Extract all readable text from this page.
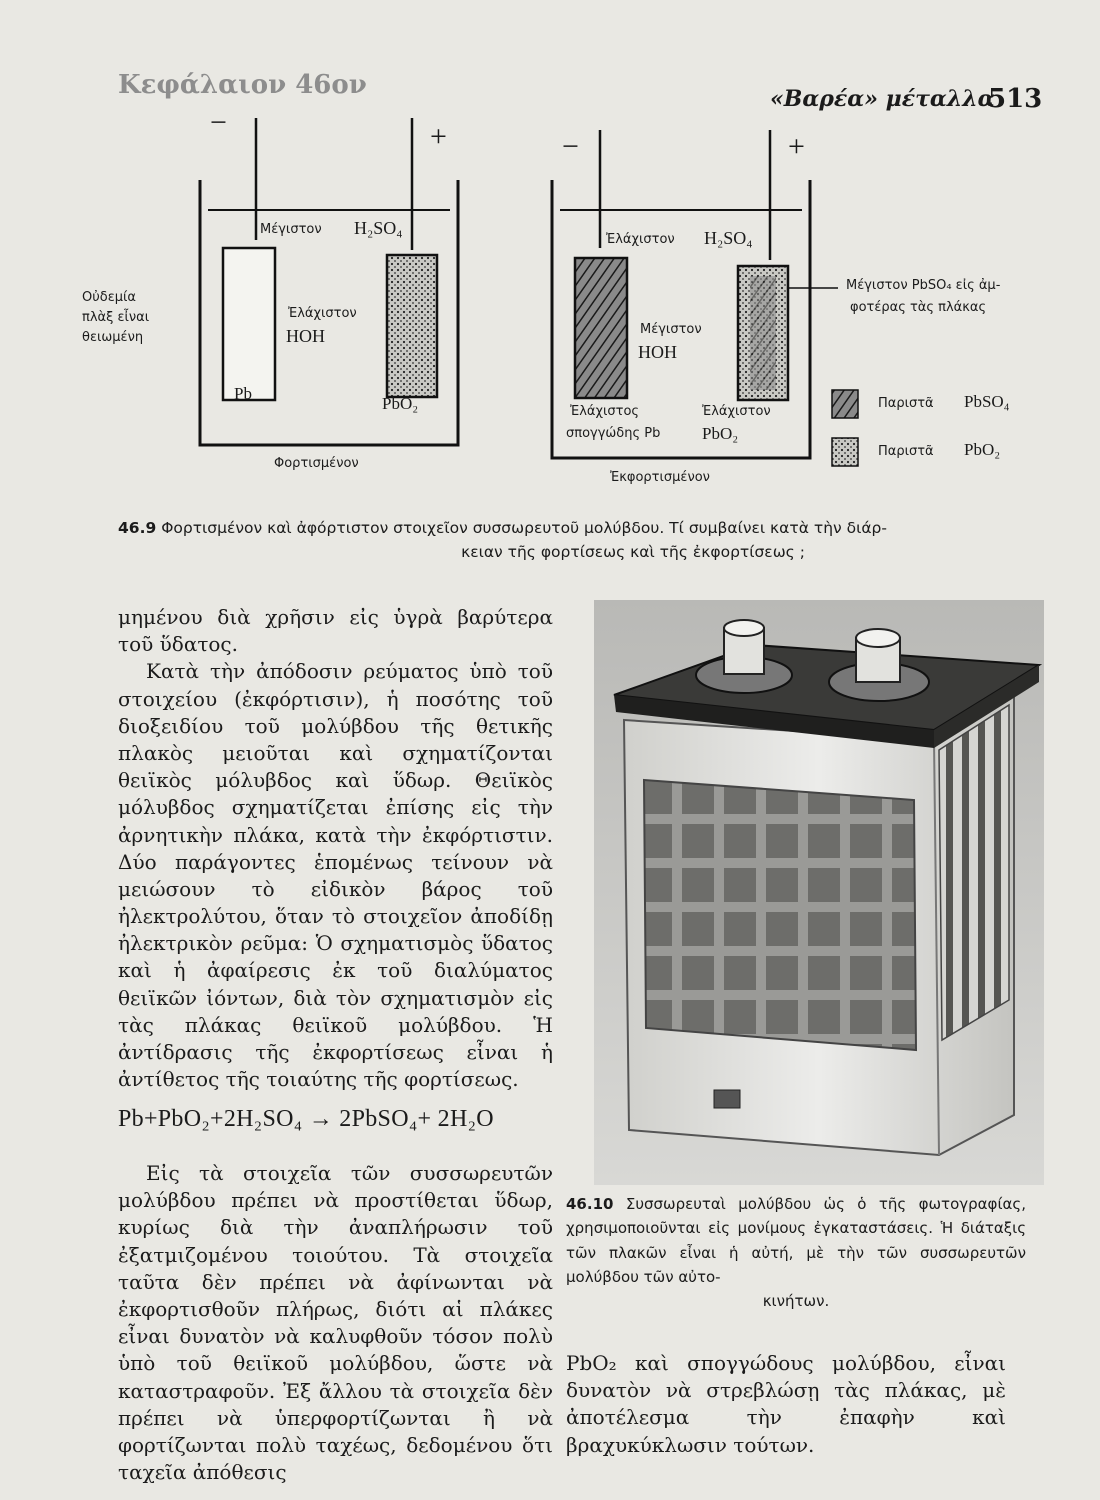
Κεφάλαιον 46ον	«Βαρέα» μέταλλα
513
−	+
Μέγιστον H₂SO₄
Ἐλάχιστον
HOH
Pb
PbO₂
Οὐδεμία
πλὰξ εἶναι
θειωμένη
Φορτισμένον
−	+
Ἐλάχιστον H₂SO₄
Μέγιστον
HOH
Ἐλάχιστος
σπογγώδης Pb
Ἐλάχιστον
PbO₂
Μέγιστον PbSO₄ εἰς ἀμ-
φοτέρας τὰς πλάκας
Ἐκφορτισμένον
Παριστᾶ PbSO₄
Παριστᾶ PbO₂
46.9 Φορτισμένον καὶ ἀφόρτιστον στοιχεῖον συσσωρευτοῦ μολύβδου. Τί συμβαίνει κατὰ τὴν διάρ-
κειαν τῆς φορτίσεως καὶ τῆς ἐκφορτίσεως ;

μημένου διὰ χρῆσιν εἰς ὑγρὰ βαρύτερα τοῦ ὕδατος.

Κατὰ τὴν ἀπόδοσιν ρεύματος ὑπὸ τοῦ στοιχείου (ἐκφόρτισιν), ἡ ποσότης τοῦ διοξειδίου τοῦ μολύβδου τῆς θετικῆς πλακὸς μειοῦται καὶ σχηματίζονται θειϊκὸς μόλυβδος καὶ ὕδωρ. Θειϊκὸς μόλυβδος σχηματίζεται ἐπίσης εἰς τὴν ἀρνητικὴν πλάκα, κατὰ τὴν ἐκφόρτιστιν. Δύο παράγοντες ἑπομένως τείνουν νὰ μειώσουν τὸ εἰδικὸν βάρος τοῦ ἠλεκτρολύτου, ὅταν τὸ στοιχεῖον ἀποδίδῃ ἠλεκτρικὸν ρεῦμα: Ὁ σχηματισμὸς ὕδατος καὶ ἡ ἀφαίρεσις ἐκ τοῦ διαλύματος θειϊκῶν ἰόντων, διὰ τὸν σχηματισμὸν εἰς τὰς πλάκας θειϊκοῦ μολύβδου. Ἡ ἀντίδρασις τῆς ἐκφορτίσεως εἶναι ἡ ἀντίθετος τῆς τοιαύτης τῆς φορτίσεως.

Pb+PbO₂+2H₂SO₄ → 2PbSO₄+ 2H₂O

Εἰς τὰ στοιχεῖα τῶν συσσωρευτῶν μολύβδου πρέπει νὰ προστίθεται ὕδωρ, κυρίως διὰ τὴν ἀναπλήρωσιν τοῦ ἐξατμιζομένου τοιούτου. Τὰ στοιχεῖα ταῦτα δὲν πρέπει νὰ ἀφίνωνται νὰ ἐκφορτισθοῦν πλήρως, διότι αἱ πλάκες εἶναι δυνατὸν νὰ καλυφθοῦν τόσον πολὺ ὑπὸ τοῦ θειϊκοῦ μολύβδου, ὥστε νὰ καταστραφοῦν. Ἐξ ἄλλου τὰ στοιχεῖα δὲν πρέπει νὰ ὑπερφορτίζωνται ἢ νὰ φορτίζωνται πολὺ ταχέως, δεδομένου ὅτι ταχεῖα ἀπόθεσις

46.10 Συσσωρευταὶ μολύβδου ὡς ὁ τῆς φωτογραφίας, χρησιμοποιοῦνται εἰς μονίμους ἐγκαταστάσεις. Ἡ διάταξις τῶν πλακῶν εἶναι ἡ αὐτή, μὲ τὴν τῶν συσσωρευτῶν μολύβδου τῶν αὐτο-
κινήτων.

PbO₂ καὶ σπογγώδους μολύβδου, εἶναι δυνατὸν νὰ στρεβλώσῃ τὰς πλάκας, μὲ ἀποτέλεσμα τὴν ἐπαφὴν καὶ βραχυκύκλωσιν τούτων.
